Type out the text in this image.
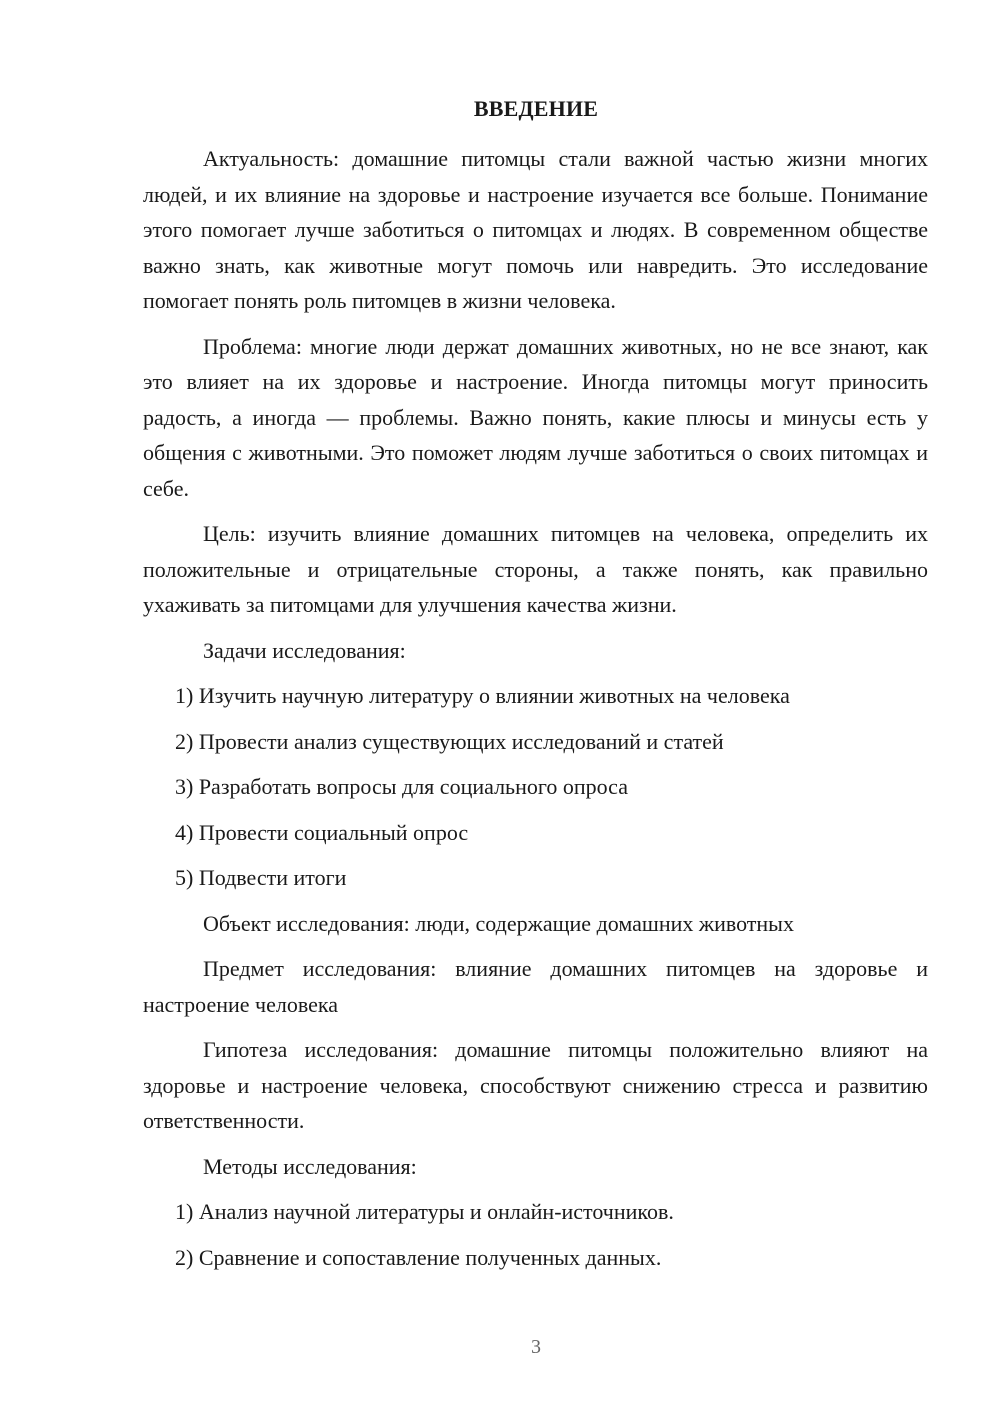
ВВЕДЕНИЕ

Актуальность: домашние питомцы стали важной частью жизни многих людей, и их влияние на здоровье и настроение изучается все больше. Понимание этого помогает лучше заботиться о питомцах и людях. В современном обществе важно знать, как животные могут помочь или навредить. Это исследование помогает понять роль питомцев в жизни человека.

Проблема: многие люди держат домашних животных, но не все знают, как это влияет на их здоровье и настроение. Иногда питомцы могут приносить радость, а иногда — проблемы. Важно понять, какие плюсы и минусы есть у общения с животными. Это поможет людям лучше заботиться о своих питомцах и себе.

Цель: изучить влияние домашних питомцев на человека, определить их положительные и отрицательные стороны, а также понять, как правильно ухаживать за питомцами для улучшения качества жизни.

Задачи исследования:

1) Изучить научную литературу о влиянии животных на человека

2) Провести анализ существующих исследований и статей

3) Разработать вопросы для социального опроса

4) Провести социальный опрос

5) Подвести итоги

Объект исследования: люди, содержащие домашних животных

Предмет исследования: влияние домашних питомцев на здоровье и настроение человека

Гипотеза исследования: домашние питомцы положительно влияют на здоровье и настроение человека, способствуют снижению стресса и развитию ответственности.

Методы исследования:

1) Анализ научной литературы и онлайн-источников.

2) Сравнение и сопоставление полученных данных.

3
